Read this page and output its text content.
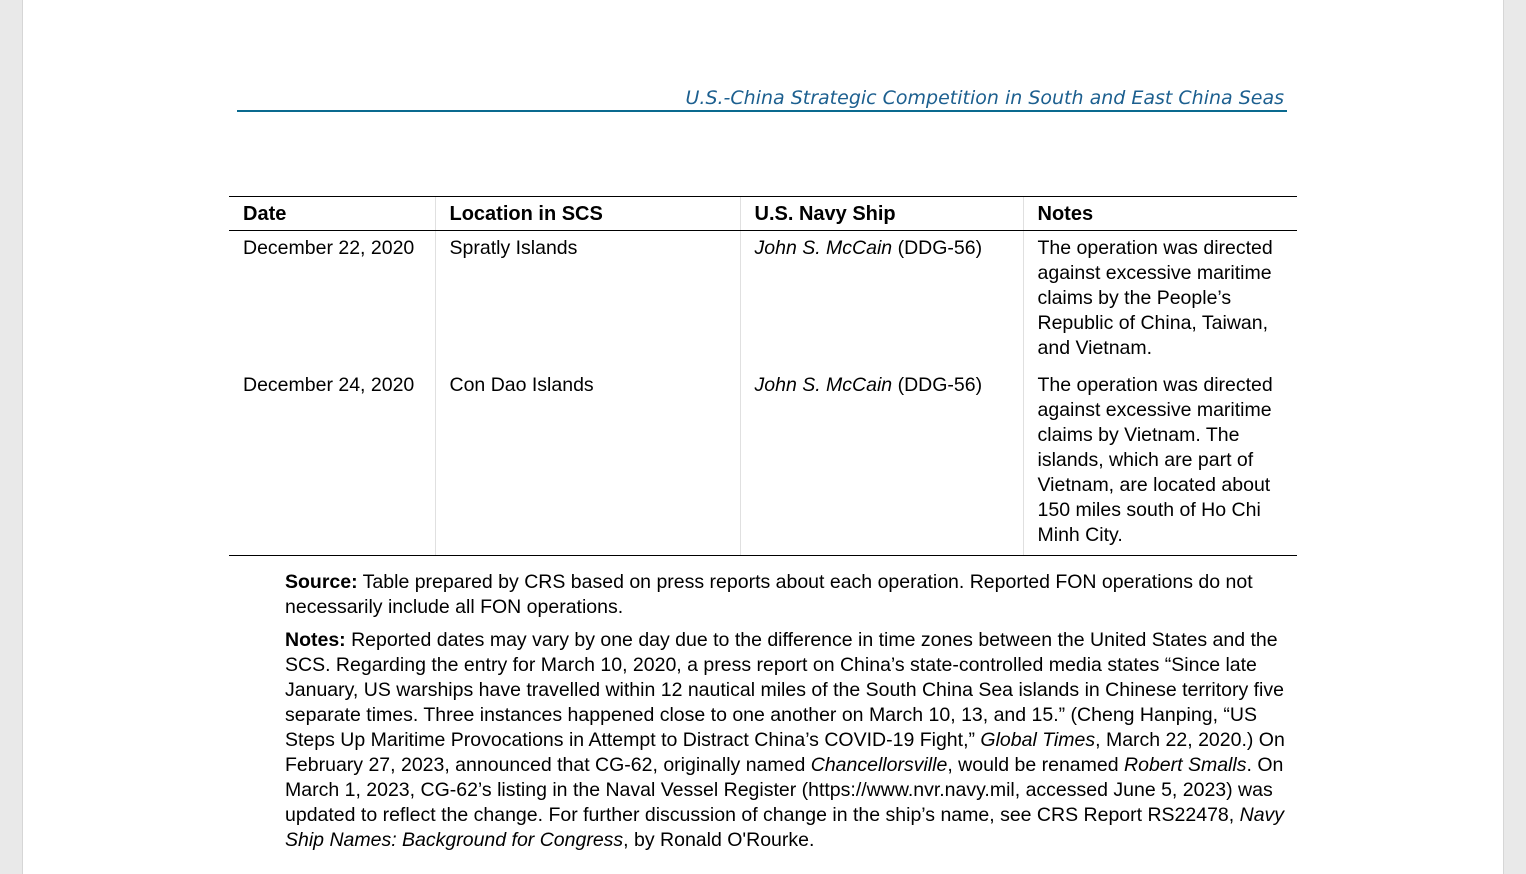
U.S.-China Strategic Competition in South and East China Seas
Date	Location in SCS	U.S. Navy Ship	Notes
December 22, 2020	Spratly Islands	John S. McCain (DDG-56)	The operation was directed against excessive maritime claims by the People’s Republic of China, Taiwan, and Vietnam.
December 24, 2020	Con Dao Islands	John S. McCain (DDG-56)	The operation was directed against excessive maritime claims by Vietnam. The islands, which are part of Vietnam, are located about 150 miles south of Ho Chi Minh City.

Source: Table prepared by CRS based on press reports about each operation. Reported FON operations do not necessarily include all FON operations.

Notes: Reported dates may vary by one day due to the difference in time zones between the United States and the SCS. Regarding the entry for March 10, 2020, a press report on China’s state-controlled media states “Since late January, US warships have travelled within 12 nautical miles of the South China Sea islands in Chinese territory five separate times. Three instances happened close to one another on March 10, 13, and 15.” (Cheng Hanping, “US Steps Up Maritime Provocations in Attempt to Distract China’s COVID-19 Fight,” Global Times, March 22, 2020.) On February 27, 2023, announced that CG-62, originally named Chancellorsville, would be renamed Robert Smalls. On March 1, 2023, CG-62’s listing in the Naval Vessel Register (https://www.nvr.navy.mil, accessed June 5, 2023) was updated to reflect the change. For further discussion of change in the ship’s name, see CRS Report RS22478, Navy Ship Names: Background for Congress, by Ronald O'Rourke.
